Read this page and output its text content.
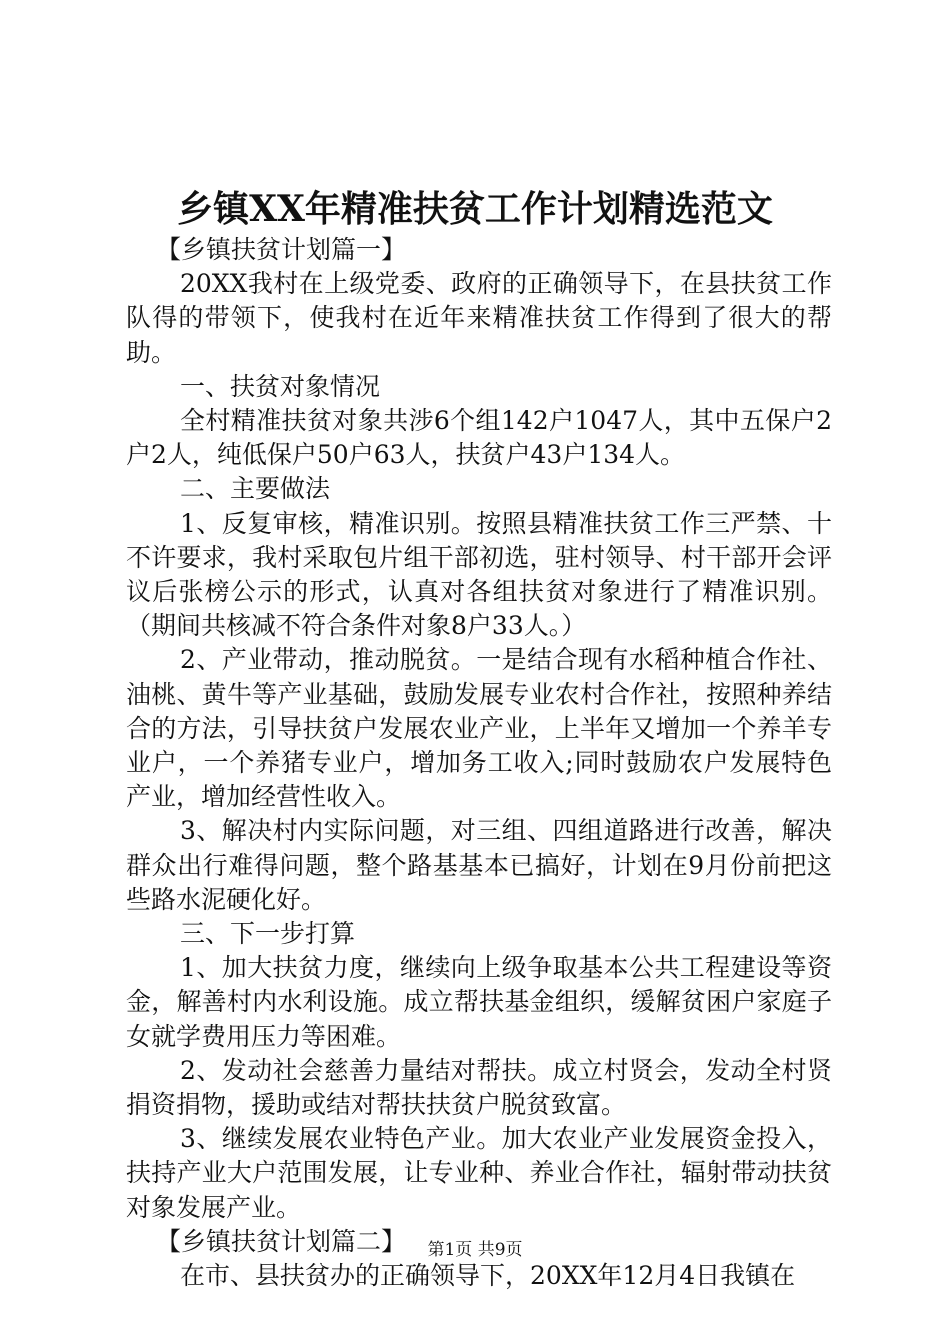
乡镇XX年精准扶贫工作计划精选范文

【乡镇扶贫计划篇一】

20XX我村在上级党委、政府的正确领导下，在县扶贫工作队得的带领下，使我村在近年来精准扶贫工作得到了很大的帮助。

一、扶贫对象情况

全村精准扶贫对象共涉6个组142户1047人，其中五保户2户2人，纯低保户50户63人，扶贫户43户134人。

二、主要做法

1、反复审核，精准识别。按照县精准扶贫工作三严禁、十不许要求，我村采取包片组干部初选，驻村领导、村干部开会评议后张榜公示的形式，认真对各组扶贫对象进行了精准识别。（期间共核减不符合条件对象8户33人。）

2、产业带动，推动脱贫。一是结合现有水稻种植合作社、油桃、黄牛等产业基础，鼓励发展专业农村合作社，按照种养结合的方法，引导扶贫户发展农业产业，上半年又增加一个养羊专业户，一个养猪专业户，增加务工收入;同时鼓励农户发展特色产业，增加经营性收入。

3、解决村内实际问题，对三组、四组道路进行改善，解决群众出行难得问题，整个路基基本已搞好，计划在9月份前把这些路水泥硬化好。

三、下一步打算

1、加大扶贫力度，继续向上级争取基本公共工程建设等资金，解善村内水利设施。成立帮扶基金组织，缓解贫困户家庭子女就学费用压力等困难。

2、发动社会慈善力量结对帮扶。成立村贤会，发动全村贤捐资捐物，援助或结对帮扶扶贫户脱贫致富。

3、继续发展农业特色产业。加大农业产业发展资金投入，扶持产业大户范围发展，让专业种、养业合作社，辐射带动扶贫对象发展产业。

【乡镇扶贫计划篇二】

在市、县扶贫办的正确领导下，20XX年12月4日我镇在

第1页 共9页
